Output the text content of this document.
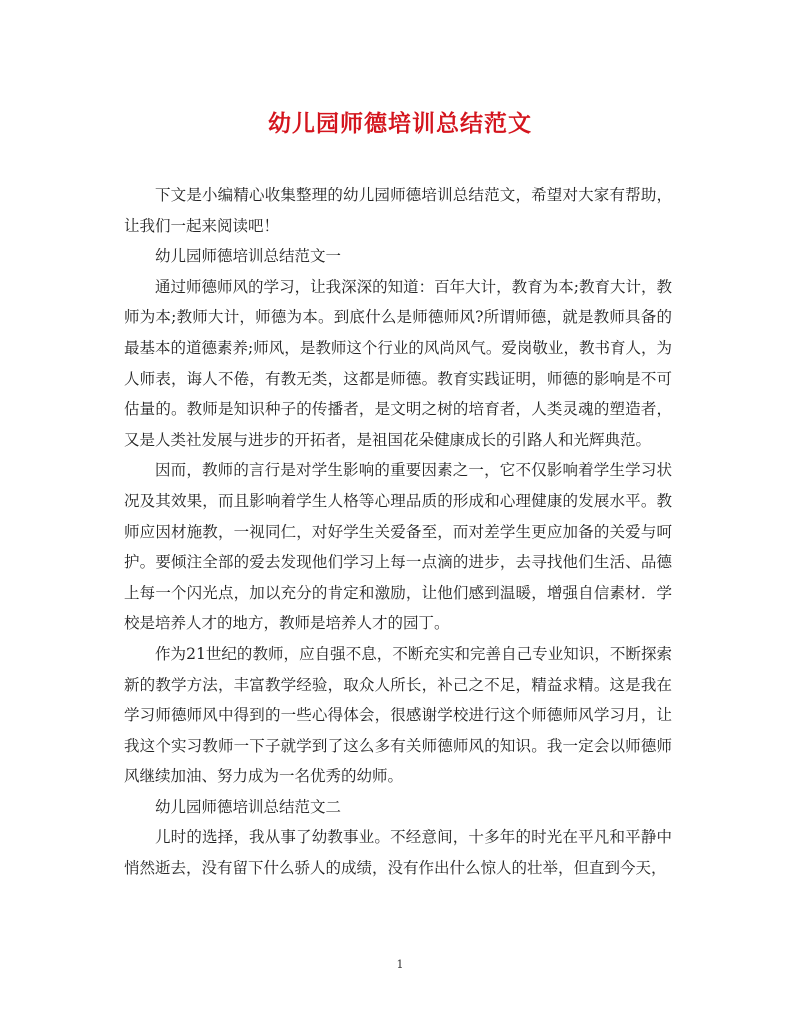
幼儿园师德培训总结范文

下文是小编精心收集整理的幼儿园师德培训总结范文，希望对大家有帮助，让我们一起来阅读吧！

幼儿园师德培训总结范文一

通过师德师风的学习，让我深深的知道：百年大计，教育为本;教育大计，教师为本;教师大计，师德为本。到底什么是师德师风?所谓师德，就是教师具备的最基本的道德素养;师风，是教师这个行业的风尚风气。爱岗敬业，教书育人，为人师表，诲人不倦，有教无类，这都是师德。教育实践证明，师德的影响是不可估量的。教师是知识种子的传播者，是文明之树的培育者，人类灵魂的塑造者，又是人类社发展与进步的开拓者，是祖国花朵健康成长的引路人和光辉典范。

因而，教师的言行是对学生影响的重要因素之一，它不仅影响着学生学习状况及其效果，而且影响着学生人格等心理品质的形成和心理健康的发展水平。教师应因材施教，一视同仁，对好学生关爱备至，而对差学生更应加备的关爱与呵护。要倾注全部的爱去发现他们学习上每一点滴的进步，去寻找他们生活、品德上每一个闪光点，加以充分的肯定和激励，让他们感到温暖，增强自信素材．学校是培养人才的地方，教师是培养人才的园丁。

作为21世纪的教师，应自强不息，不断充实和完善自己专业知识，不断探索新的教学方法，丰富教学经验，取众人所长，补己之不足，精益求精。这是我在学习师德师风中得到的一些心得体会，很感谢学校进行这个师德师风学习月，让我这个实习教师一下子就学到了这么多有关师德师风的知识。我一定会以师德师风继续加油、努力成为一名优秀的幼师。

幼儿园师德培训总结范文二

儿时的选择，我从事了幼教事业。不经意间，十多年的时光在平凡和平静中悄然逝去，没有留下什么骄人的成绩，没有作出什么惊人的壮举，但直到今天，

1
